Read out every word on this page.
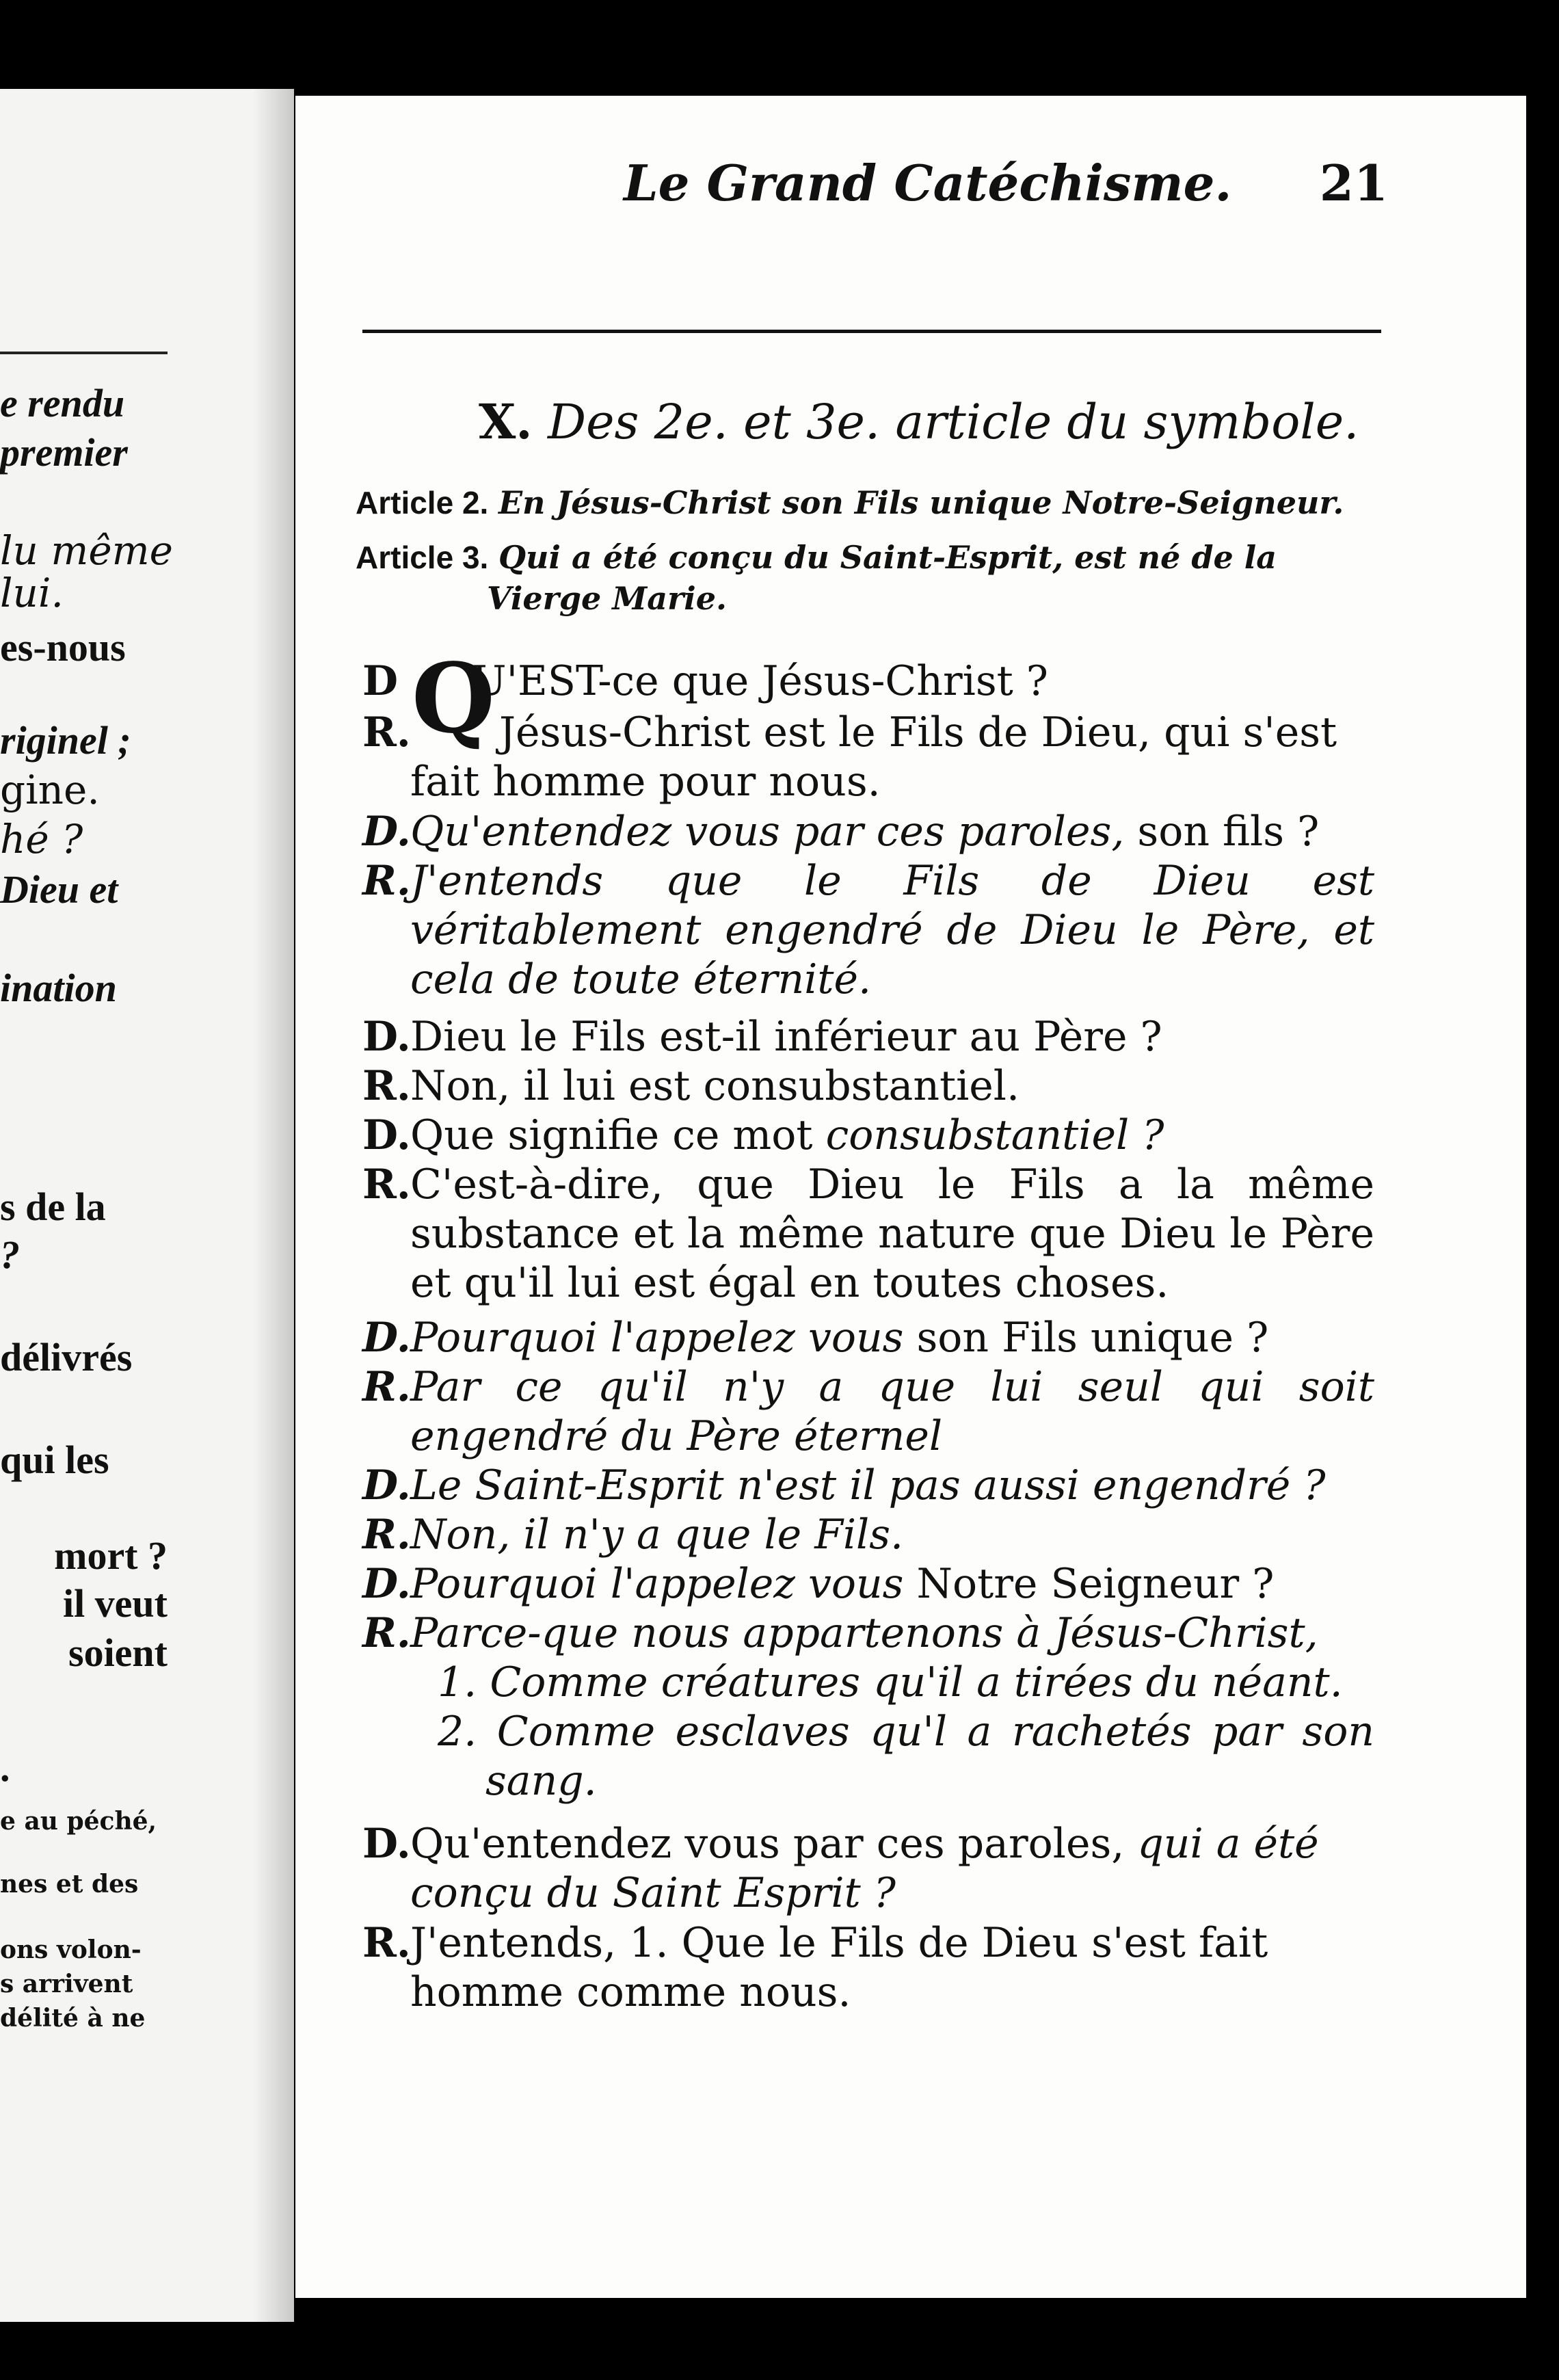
e rendu
premier
lu même
lui.
es-nous
riginel ;
gine.
hé ?
Dieu et
ination
s de la
?
délivrés
qui les
mort ?
il veut
soient
.
e au péché,
nes et des
ons volon-
s arrivent
délité à ne
Le Grand Catéchisme. 21
X. Des 2e. et 3e. article du symbole.
Article 2. En Jésus-Christ son Fils unique Notre-Seigneur.
Article 3. Qui a été conçu du Saint-Esprit, est né de la
Vierge Marie.
D Q
U'EST-ce que Jésus-Christ ?
R.	Jésus-Christ est le Fils de Dieu, qui s'est fait homme pour nous.
D. Qu'entendez vous par ces paroles, son fils ?
R. J'entends que le Fils de Dieu est véritablement engendré de Dieu le Père, et cela de toute éternité.
D. Dieu le Fils est-il inférieur au Père ?
R. Non, il lui est consubstantiel.
D. Que signifie ce mot consubstantiel ?
R. C'est-à-dire, que Dieu le Fils a la même substance et la même nature que Dieu le Père et qu'il lui est égal en toutes choses.
D. Pourquoi l'appelez vous son Fils unique ?
R. Par ce qu'il n'y a que lui seul qui soit engendré du Père éternel
D. Le Saint-Esprit n'est il pas aussi engendré ?
R. Non, il n'y a que le Fils.
D. Pourquoi l'appelez vous Notre Seigneur ?
R. Parce-que nous appartenons à Jésus-Christ,
1. Comme créatures qu'il a tirées du néant.
2. Comme esclaves qu'l a rachetés par son sang.
D. Qu'entendez vous par ces paroles, qui a été conçu du Saint Esprit ?
R. J'entends, 1. Que le Fils de Dieu s'est fait homme comme nous.
